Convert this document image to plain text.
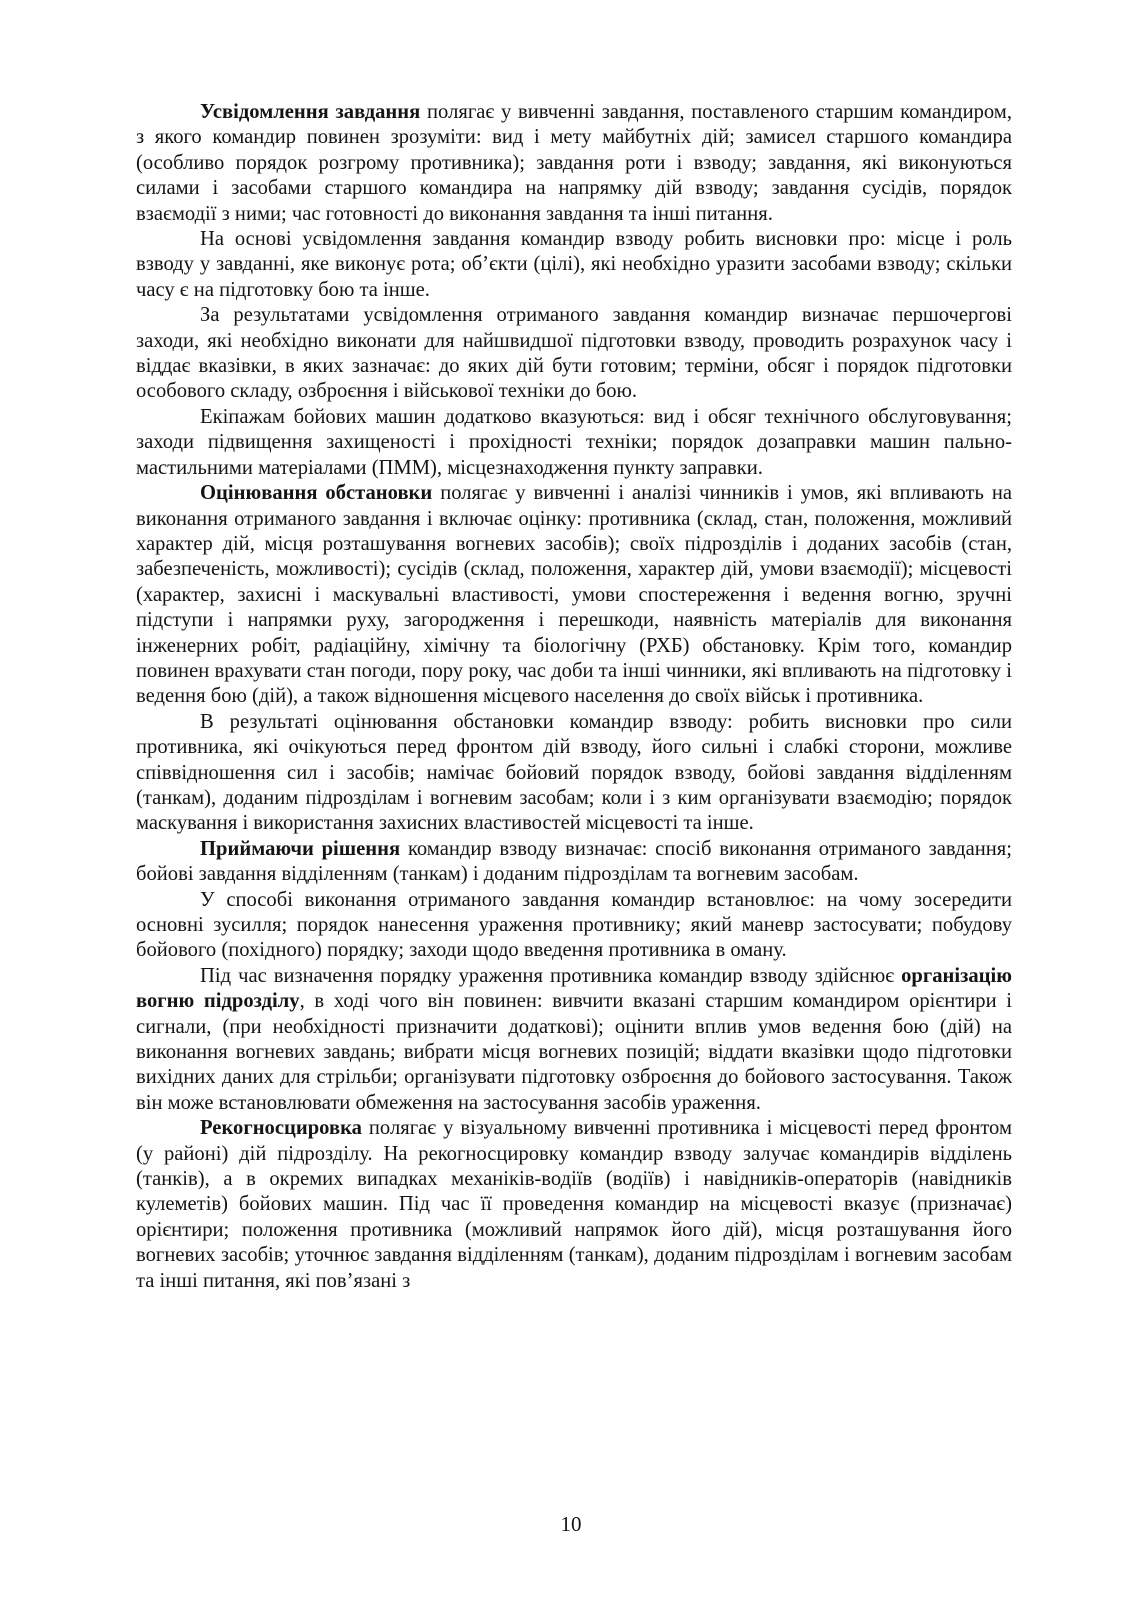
Усвідомлення завдання полягає у вивченні завдання, поставленого старшим командиром, з якого командир повинен зрозуміти: вид і мету майбутніх дій; замисел старшого командира (особливо порядок розгрому противника); завдання роти і взводу; завдання, які виконуються силами і засобами старшого командира на напрямку дій взводу; завдання сусідів, порядок взаємодії з ними; час готовності до виконання завдання та інші питання.

На основі усвідомлення завдання командир взводу робить висновки про: місце і роль взводу у завданні, яке виконує рота; об’єкти (цілі), які необхідно уразити засобами взводу; скільки часу є на підготовку бою та інше.

За результатами усвідомлення отриманого завдання командир визначає першочергові заходи, які необхідно виконати для найшвидшої підготовки взводу, проводить розрахунок часу і віддає вказівки, в яких зазначає: до яких дій бути готовим; терміни, обсяг і порядок підготовки особового складу, озброєння і військової техніки до бою.

Екіпажам бойових машин додатково вказуються: вид і обсяг технічного обслуговування; заходи підвищення захищеності і прохідності техніки; порядок дозаправки машин пально-мастильними матеріалами (ПММ), місцезнаходження пункту заправки.

Оцінювання обстановки полягає у вивченні і аналізі чинників і умов, які впливають на виконання отриманого завдання і включає оцінку: противника (склад, стан, положення, можливий характер дій, місця розташування вогневих засобів); своїх підрозділів і доданих засобів (стан, забезпеченість, можливості); сусідів (склад, положення, характер дій, умови взаємодії); місцевості (характер, захисні і маскувальні властивості, умови спостереження і ведення вогню, зручні підступи і напрямки руху, загородження і перешкоди, наявність матеріалів для виконання інженерних робіт, радіаційну, хімічну та біологічну (РХБ) обстановку. Крім того, командир повинен врахувати стан погоди, пору року, час доби та інші чинники, які впливають на підготовку і ведення бою (дій), а також відношення місцевого населення до своїх військ і противника.

В результаті оцінювання обстановки командир взводу: робить висновки про сили противника, які очікуються перед фронтом дій взводу, його сильні і слабкі сторони, можливе співвідношення сил і засобів; намічає бойовий порядок взводу, бойові завдання відділенням (танкам), доданим підрозділам і вогневим засобам; коли і з ким організувати взаємодію; порядок маскування і використання захисних властивостей місцевості та інше.

Приймаючи рішення командир взводу визначає: спосіб виконання отриманого завдання; бойові завдання відділенням (танкам) і доданим підрозділам та вогневим засобам.

У способі виконання отриманого завдання командир встановлює: на чому зосередити основні зусилля; порядок нанесення ураження противнику; який маневр застосувати; побудову бойового (похідного) порядку; заходи щодо введення противника в оману.

Під час визначення порядку ураження противника командир взводу здійснює організацію вогню підрозділу, в ході чого він повинен: вивчити вказані старшим командиром орієнтири і сигнали, (при необхідності призначити додаткові); оцінити вплив умов ведення бою (дій) на виконання вогневих завдань; вибрати місця вогневих позицій; віддати вказівки щодо підготовки вихідних даних для стрільби; організувати підготовку озброєння до бойового застосування. Також він може встановлювати обмеження на застосування засобів ураження.

Рекогносцировка полягає у візуальному вивченні противника і місцевості перед фронтом (у районі) дій підрозділу. На рекогносцировку командир взводу залучає командирів відділень (танків), а в окремих випадках механіків-водіїв (водіїв) і навідників-операторів (навідників кулеметів) бойових машин. Під час її проведення командир на місцевості вказує (призначає) орієнтири; положення противника (можливий напрямок його дій), місця розташування його вогневих засобів; уточнює завдання відділенням (танкам), доданим підрозділам і вогневим засобам та інші питання, які пов’язані з

10
